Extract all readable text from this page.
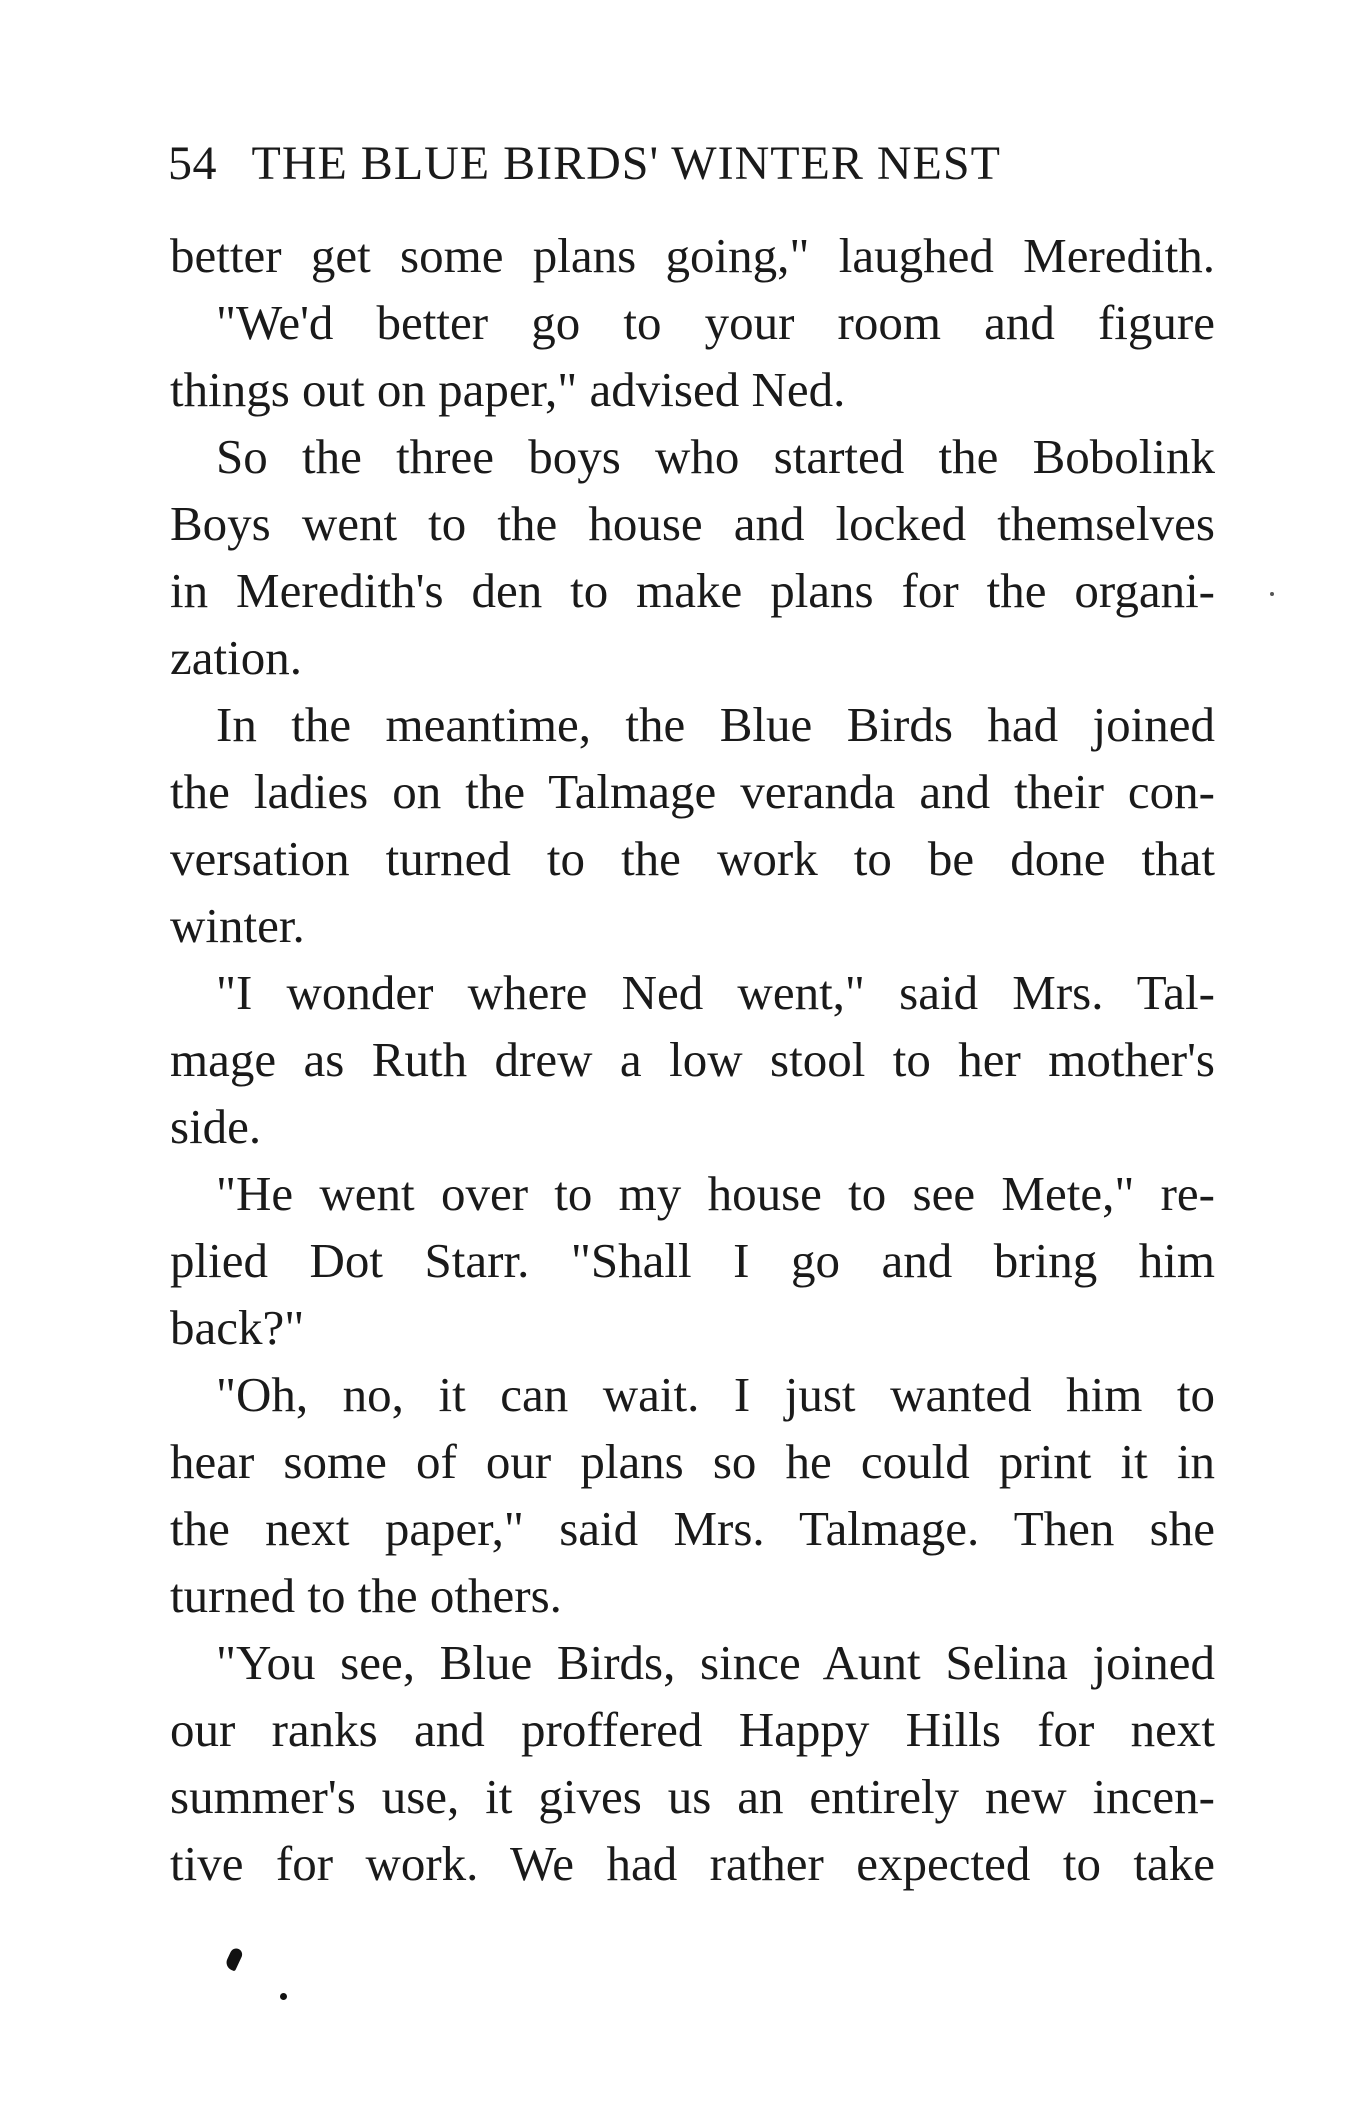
54 THE BLUE BIRDS' WINTER NEST
better get some plans going," laughed Meredith.
"We'd better go to your room and figure
things out on paper," advised Ned.
So the three boys who started the Bobolink
Boys went to the house and locked themselves
in Meredith's den to make plans for the organi-
zation.
In the meantime, the Blue Birds had joined
the ladies on the Talmage veranda and their con-
versation turned to the work to be done that
winter.
"I wonder where Ned went," said Mrs. Tal-
mage as Ruth drew a low stool to her mother's
side.
"He went over to my house to see Mete," re-
plied Dot Starr. "Shall I go and bring him
back?"
"Oh, no, it can wait. I just wanted him to
hear some of our plans so he could print it in
the next paper," said Mrs. Talmage. Then she
turned to the others.
"You see, Blue Birds, since Aunt Selina joined
our ranks and proffered Happy Hills for next
summer's use, it gives us an entirely new incen-
tive for work. We had rather expected to take
